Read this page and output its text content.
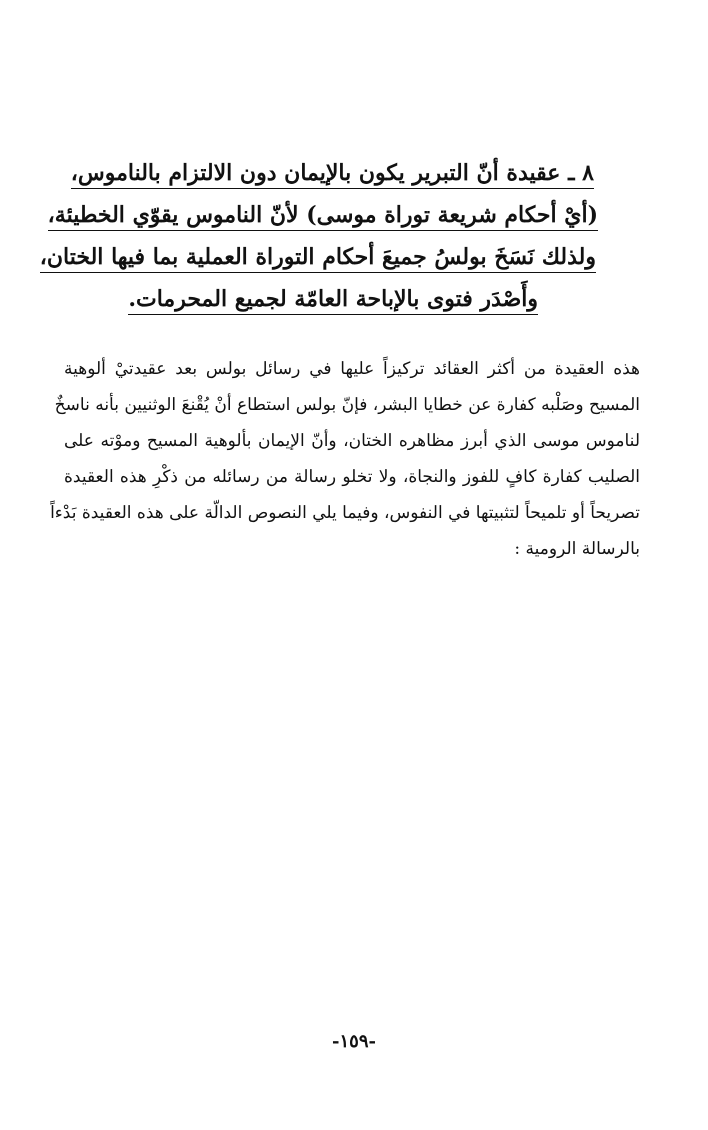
٨ ـ عقيدة أنّ التبرير يكون بالإيمان دون الالتزام بالناموس،
(أيْ أحكام شريعة توراة موسى) لأنّ الناموس يقوّي الخطيئة،
ولذلك نَسَخَ بولسُ جميعَ أحكام التوراة العملية بما فيها الختان،
وأَصْدَر فتوى بالإباحة العامّة لجميع المحرمات.
هذه العقيدة من أكثر العقائد تركيزاً عليها في رسائل بولس بعد عقيدتيْ ألوهية
المسيح وصَلْبه كفارة عن خطايا البشر، فإنّ بولس استطاع أنْ يُقْنعَ الوثنيين بأنه ناسخٌ
لناموس موسى الذي أبرز مظاهره الختان، وأنّ الإيمان بألوهية المسيح وموْته على
الصليب كفارة كافٍ للفوز والنجاة، ولا تخلو رسالة من رسائله من ذكْرِ هذه العقيدة
تصريحاً أو تلميحاً لتثبيتها في النفوس، وفيما يلي النصوص الدالّة على هذه العقيدة بَدْءاً
بالرسالة الرومية :
-١٥٩-
